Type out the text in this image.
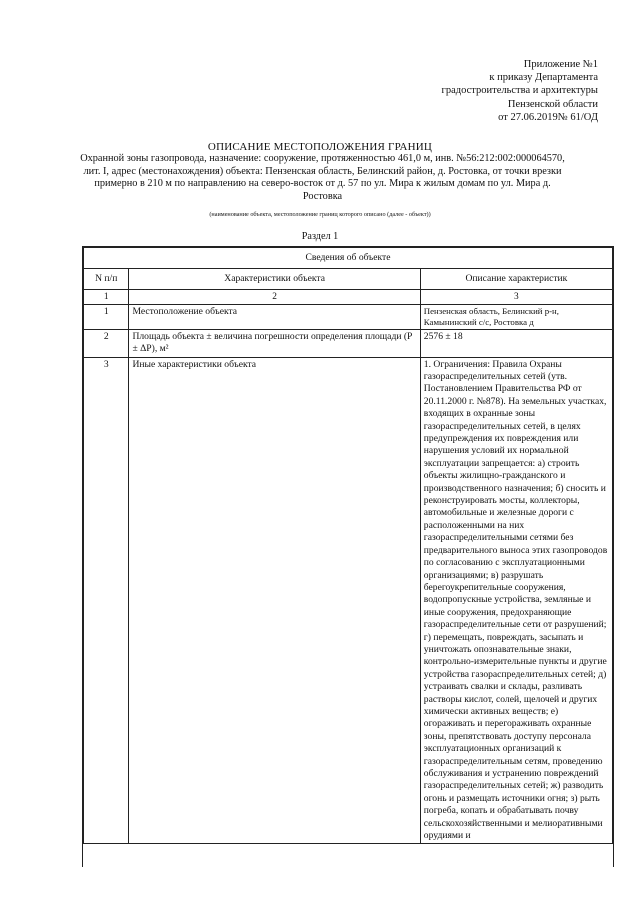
Приложение №1
к приказу Департамента
градостроительства и архитектуры
Пензенской области
от 27.06.2019№ 61/ОД
ОПИСАНИЕ МЕСТОПОЛОЖЕНИЯ ГРАНИЦ
Охранной зоны газопровода, назначение: сооружение, протяженностью 461,0 м, инв. №56:212:002:000064570, лит. I, адрес (местонахождения) объекта: Пензенская область, Белинский район, д. Ростовка, от точки врезки примерно в 210 м по направлению на северо-восток от д. 57 по ул. Мира к жилым домам по ул. Мира д. Ростовка
(наименование объекта, местоположение границ которого описано (далее - объект))
Раздел 1
Сведения об объекте		
N п/п	Характеристики объекта	Описание характеристик
1	2	3
1	Местоположение объекта	Пензенская область, Белинский р-н, Камынинский с/с, Ростовка д
2	Площадь объекта ± величина погрешности определения площади (Р ± ΔР), м²	2576 ± 18
3	Иные характеристики объекта	1. Ограничения: Правила Охраны газораспределительных сетей (утв. Постановлением Правительства РФ от 20.11.2000 г. №878). На земельных участках, входящих в охранные зоны газораспределительных сетей, в целях предупреждения их повреждения или нарушения условий их нормальной эксплуатации запрещается: а) строить объекты жилищно-гражданского и производственного назначения; б) сносить и реконструировать мосты, коллекторы, автомобильные и железные дороги с расположенными на них газораспределительными сетями без предварительного выноса этих газопроводов по согласованию с эксплуатационными организациями; в) разрушать берегоукрепительные сооружения, водопропускные устройства, земляные и иные сооружения, предохраняющие газораспределительные сети от разрушений; г) перемещать, повреждать, засыпать и уничтожать опознавательные знаки, контрольно-измерительные пункты и другие устройства газораспределительных сетей; д) устраивать свалки и склады, разливать растворы кислот, солей, щелочей и других химически активных веществ; е) огораживать и перегораживать охранные зоны, препятствовать доступу персонала эксплуатационных организаций к газораспределительным сетям, проведению обслуживания и устранению повреждений газораспределительных сетей; ж) разводить огонь и размещать источники огня; з) рыть погреба, копать и обрабатывать почву сельскохозяйственными и мелиоративными орудиями и
